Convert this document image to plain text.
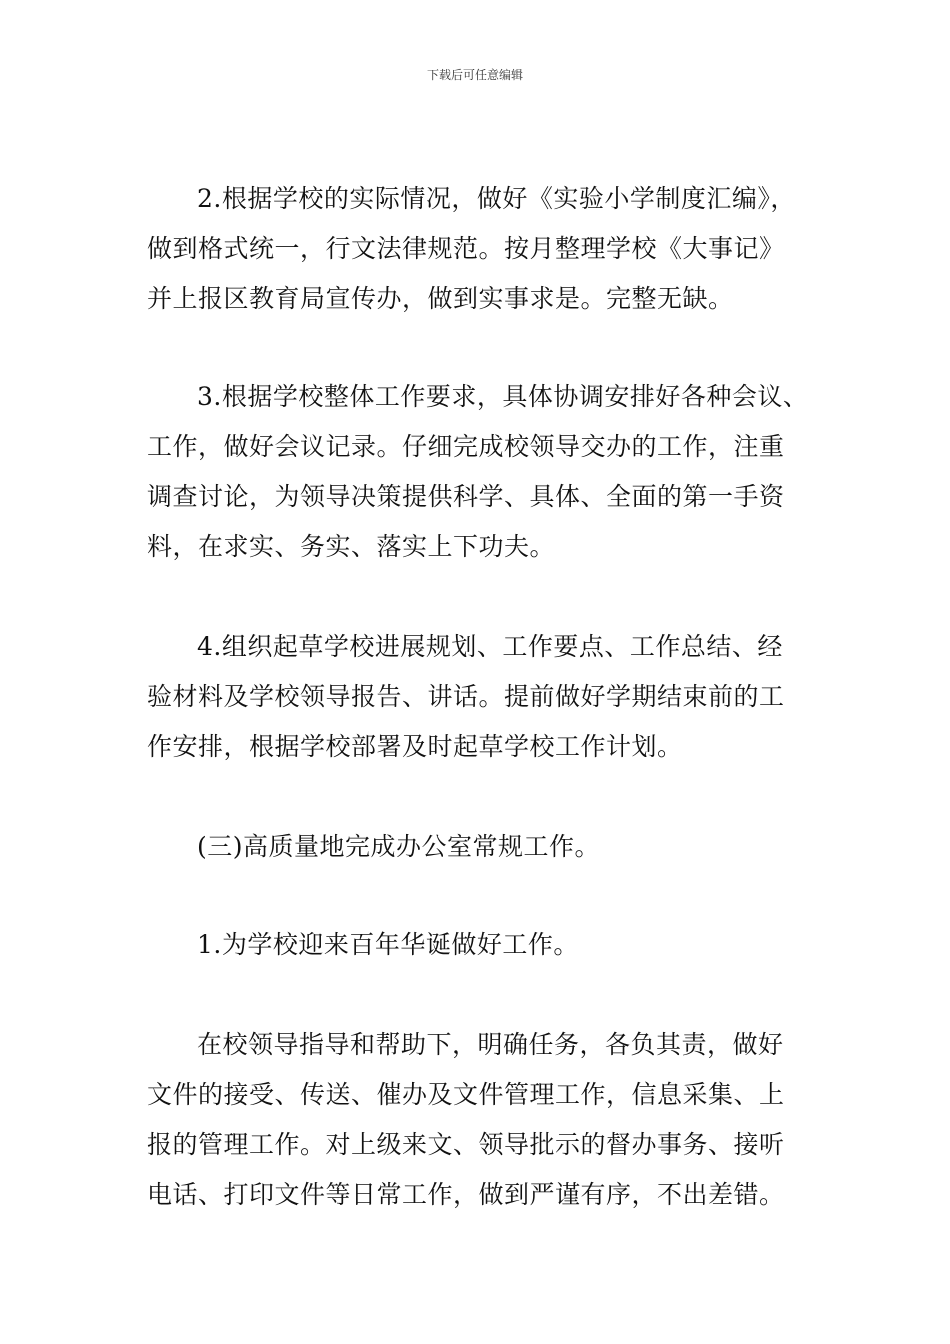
下载后可任意编辑
2.根据学校的实际情况，做好《实验小学制度汇编》，
做到格式统一，行文法律规范。按月整理学校《大事记》
并上报区教育局宣传办，做到实事求是。完整无缺。
3.根据学校整体工作要求，具体协调安排好各种会议、
工作，做好会议记录。仔细完成校领导交办的工作，注重
调查讨论，为领导决策提供科学、具体、全面的第一手资
料，在求实、务实、落实上下功夫。
4.组织起草学校进展规划、工作要点、工作总结、经
验材料及学校领导报告、讲话。提前做好学期结束前的工
作安排，根据学校部署及时起草学校工作计划。
(三)高质量地完成办公室常规工作。
1.为学校迎来百年华诞做好工作。
在校领导指导和帮助下，明确任务，各负其责，做好
文件的接受、传送、催办及文件管理工作，信息采集、上
报的管理工作。对上级来文、领导批示的督办事务、接听
电话、打印文件等日常工作，做到严谨有序，不出差错。
